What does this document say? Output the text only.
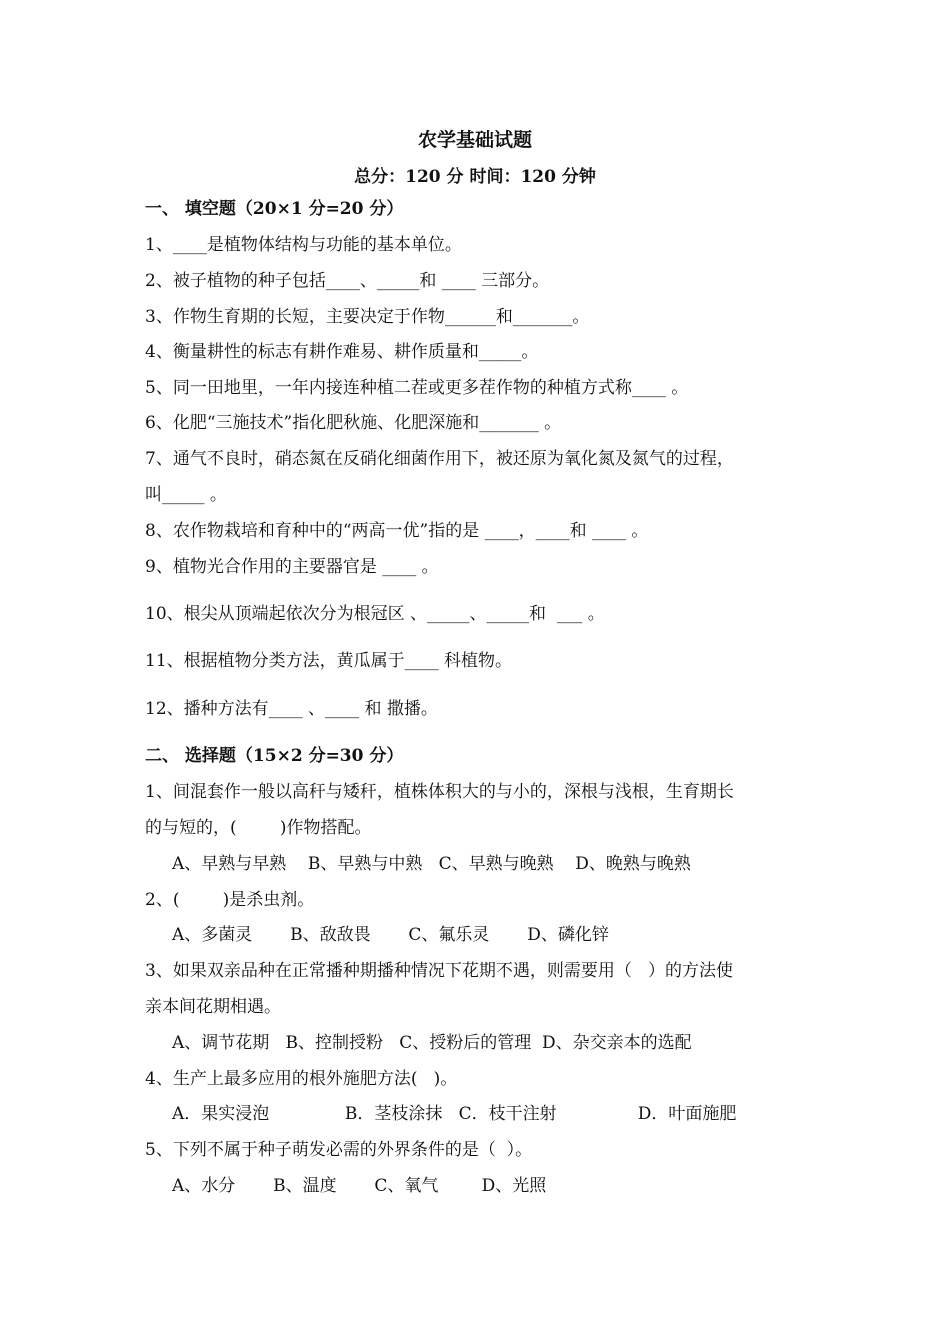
农学基础试题
总分：120 分 时间：120 分钟
一、 填空题（20×1 分=20 分）
1、____是植物体结构与功能的基本单位。
2、被子植物的种子包括____、_____和 ____ 三部分。
3、作物生育期的长短，主要决定于作物______和_______。
4、衡量耕性的标志有耕作难易、耕作质量和_____。
5、同一田地里，一年内接连种植二茬或更多茬作物的种植方式称____ 。
6、化肥“三施技术”指化肥秋施、化肥深施和_______ 。
7、通气不良时，硝态氮在反硝化细菌作用下，被还原为氧化氮及氮气的过程，
叫_____ 。
8、农作物栽培和育种中的“两高一优”指的是 ____，____和 ____ 。
9、植物光合作用的主要器官是 ____ 。
10、根尖从顶端起依次分为根冠区 、_____、_____和  ___ 。
11、根据植物分类方法，黄瓜属于____ 科植物。
12、播种方法有____ 、____ 和 撒播。
二、 选择题（15×2 分=30 分）
1、间混套作一般以高秆与矮秆，植株体积大的与小的，深根与浅根，生育期长
的与短的，(        )作物搭配。
A、早熟与早熟    B、早熟与中熟   C、早熟与晚熟    D、晚熟与晚熟
2、(        )是杀虫剂。
A、多菌灵       B、敌敌畏       C、氟乐灵       D、磷化锌
3、如果双亲品种在正常播种期播种情况下花期不遇，则需要用（   ）的方法使
亲本间花期相遇。
A、调节花期   B、控制授粉   C、授粉后的管理  D、杂交亲本的选配
4、生产上最多应用的根外施肥方法(   )。
A．果实浸泡              B．茎枝涂抹   C．枝干注射               D．叶面施肥
5、下列不属于种子萌发必需的外界条件的是（  ）。
A、水分       B、温度       C、氧气        D、光照
